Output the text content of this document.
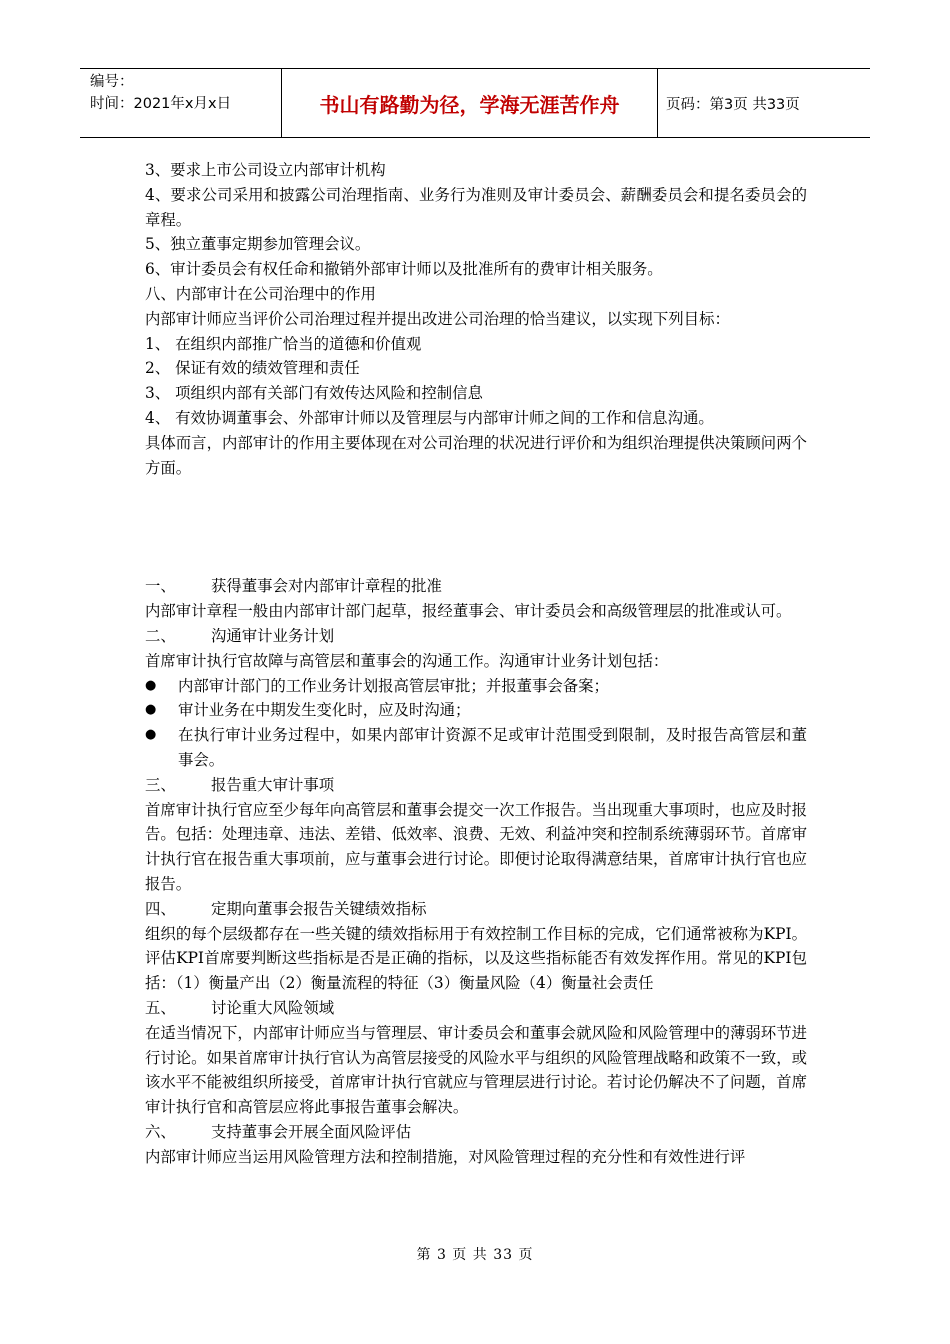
编号：
时间：2021年x月x日	书山有路勤为径，学海无涯苦作舟	页码：第3页 共33页
3、要求上市公司设立内部审计机构
4、要求公司采用和披露公司治理指南、业务行为准则及审计委员会、薪酬委员会和提名委员会的章程。
5、独立董事定期参加管理会议。
6、审计委员会有权任命和撤销外部审计师以及批准所有的费审计相关服务。
八、内部审计在公司治理中的作用
内部审计师应当评价公司治理过程并提出改进公司治理的恰当建议，以实现下列目标：
1、 在组织内部推广恰当的道德和价值观
2、 保证有效的绩效管理和责任
3、 项组织内部有关部门有效传达风险和控制信息
4、 有效协调董事会、外部审计师以及管理层与内部审计师之间的工作和信息沟通。
具体而言，内部审计的作用主要体现在对公司治理的状况进行评价和为组织治理提供决策顾问两个方面。
一、	获得董事会对内部审计章程的批准
内部审计章程一般由内部审计部门起草，报经董事会、审计委员会和高级管理层的批准或认可。
二、	沟通审计业务计划
首席审计执行官故障与高管层和董事会的沟通工作。沟通审计业务计划包括：
●	内部审计部门的工作业务计划报高管层审批；并报董事会备案；
●	审计业务在中期发生变化时，应及时沟通；
●	在执行审计业务过程中，如果内部审计资源不足或审计范围受到限制，及时报告高管层和董事会。
三、	报告重大审计事项
首席审计执行官应至少每年向高管层和董事会提交一次工作报告。当出现重大事项时，也应及时报告。包括：处理违章、违法、差错、低效率、浪费、无效、利益冲突和控制系统薄弱环节。首席审计执行官在报告重大事项前，应与董事会进行讨论。即便讨论取得满意结果，首席审计执行官也应报告。
四、	定期向董事会报告关键绩效指标
组织的每个层级都存在一些关键的绩效指标用于有效控制工作目标的完成，它们通常被称为KPI。评估KPI首席要判断这些指标是否是正确的指标，以及这些指标能否有效发挥作用。常见的KPI包括：（1）衡量产出（2）衡量流程的特征（3）衡量风险（4）衡量社会责任
五、	讨论重大风险领域
在适当情况下，内部审计师应当与管理层、审计委员会和董事会就风险和风险管理中的薄弱环节进行讨论。如果首席审计执行官认为高管层接受的风险水平与组织的风险管理战略和政策不一致，或该水平不能被组织所接受，首席审计执行官就应与管理层进行讨论。若讨论仍解决不了问题，首席审计执行官和高管层应将此事报告董事会解决。
六、	支持董事会开展全面风险评估
内部审计师应当运用风险管理方法和控制措施，对风险管理过程的充分性和有效性进行评
第 3 页 共 33 页
